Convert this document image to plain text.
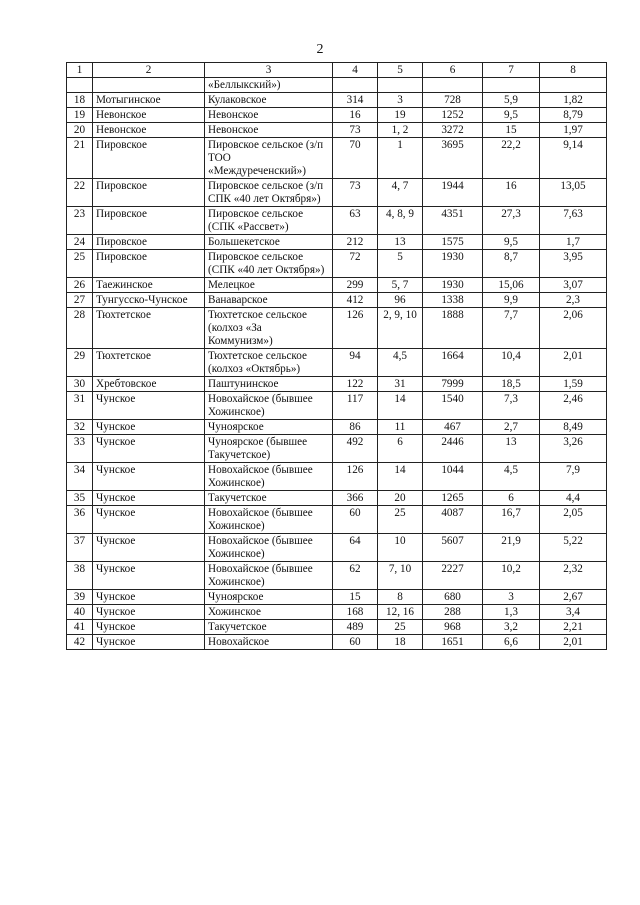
2
1	2	3	4	5	6	7	8
		«Беллыкский»)					
18	Мотыгинское	Кулаковское	314	3	728	5,9	1,82
19	Невонское	Невонское	16	19	1252	9,5	8,79
20	Невонское	Невонское	73	1, 2	3272	15	1,97
21	Пировское	Пировское сельское (з/п ТОО «Междуреченский»)	70	1	3695	22,2	9,14
22	Пировское	Пировское сельское (з/п СПК «40 лет Октября»)	73	4, 7	1944	16	13,05
23	Пировское	Пировское сельское (СПК «Рассвет»)	63	4, 8, 9	4351	27,3	7,63
24	Пировское	Большекетское	212	13	1575	9,5	1,7
25	Пировское	Пировское сельское (СПК «40 лет Октября»)	72	5	1930	8,7	3,95
26	Таежинское	Мелецкое	299	5, 7	1930	15,06	3,07
27	Тунгусско-Чунское	Ванаварское	412	96	1338	9,9	2,3
28	Тюхтетское	Тюхтетское сельское (колхоз «За Коммунизм»)	126	2, 9, 10	1888	7,7	2,06
29	Тюхтетское	Тюхтетское сельское (колхоз «Октябрь»)	94	4,5	1664	10,4	2,01
30	Хребтовское	Паштунинское	122	31	7999	18,5	1,59
31	Чунское	Новохайское (бывшее Хожинское)	117	14	1540	7,3	2,46
32	Чунское	Чунoярское	86	11	467	2,7	8,49
33	Чунское	Чуноярское (бывшее Такучетское)	492	6	2446	13	3,26
34	Чунское	Новохайское (бывшее Хожинское)	126	14	1044	4,5	7,9
35	Чунское	Такучетское	366	20	1265	6	4,4
36	Чунское	Новохайское (бывшее Хожинское)	60	25	4087	16,7	2,05
37	Чунское	Новохайское (бывшее Хожинское)	64	10	5607	21,9	5,22
38	Чунское	Новохайское (бывшее Хожинское)	62	7, 10	2227	10,2	2,32
39	Чунское	Чуноярское	15	8	680	3	2,67
40	Чунское	Хожинское	168	12, 16	288	1,3	3,4
41	Чунское	Такучетское	489	25	968	3,2	2,21
42	Чунское	Новохайское	60	18	1651	6,6	2,01
